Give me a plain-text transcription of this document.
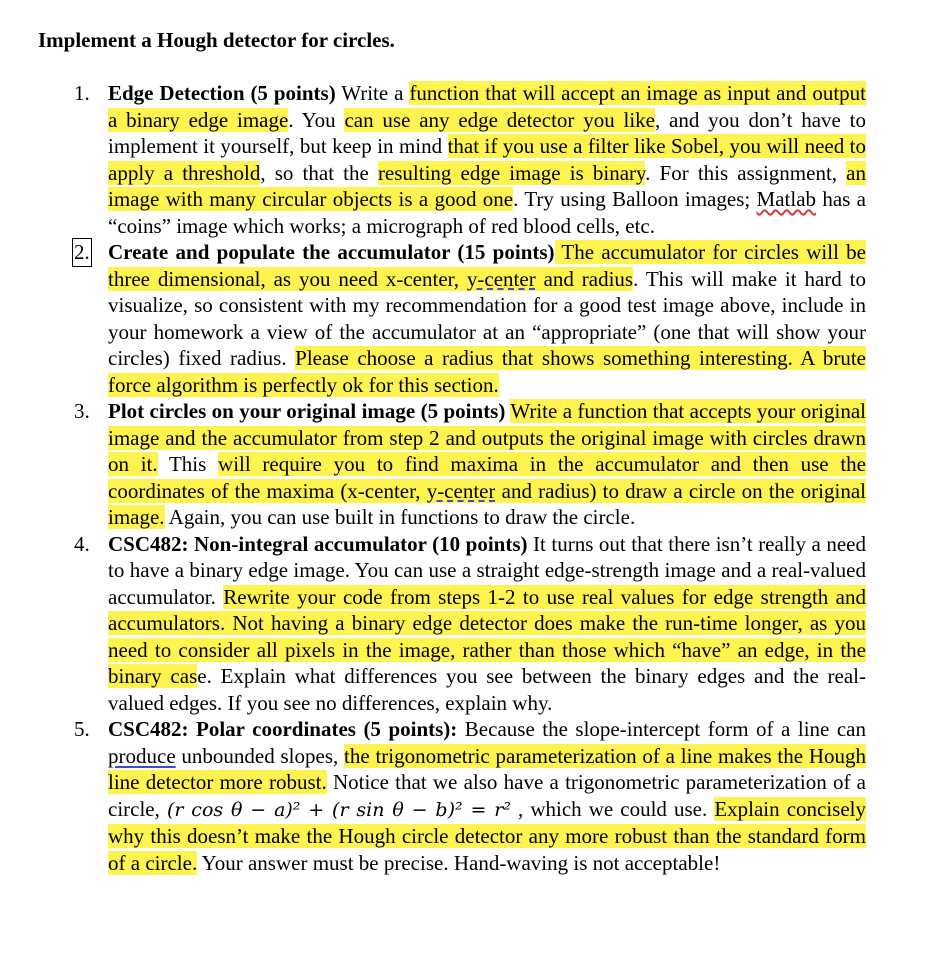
Implement a Hough detector for circles.
1. Edge Detection (5 points) Write a function that will accept an image as input and output a binary edge image. You can use any edge detector you like, and you don’t have to implement it yourself, but keep in mind that if you use a filter like Sobel, you will need to apply a threshold, so that the resulting edge image is binary. For this assignment, an image with many circular objects is a good one. Try using Balloon images; Matlab has a “coins” image which works; a micrograph of red blood cells, etc.
2. Create and populate the accumulator (15 points) The accumulator for circles will be three dimensional, as you need x-center, y-center and radius. This will make it hard to visualize, so consistent with my recommendation for a good test image above, include in your homework a view of the accumulator at an “appropriate” (one that will show your circles) fixed radius. Please choose a radius that shows something interesting. A brute force algorithm is perfectly ok for this section.
3. Plot circles on your original image (5 points) Write a function that accepts your original image and the accumulator from step 2 and outputs the original image with circles drawn on it. This will require you to find maxima in the accumulator and then use the coordinates of the maxima (x-center, y-center and radius) to draw a circle on the original image. Again, you can use built in functions to draw the circle.
4. CSC482: Non-integral accumulator (10 points) It turns out that there isn’t really a need to have a binary edge image. You can use a straight edge-strength image and a real-valued accumulator. Rewrite your code from steps 1-2 to use real values for edge strength and accumulators. Not having a binary edge detector does make the run-time longer, as you need to consider all pixels in the image, rather than those which “have” an edge, in the binary case. Explain what differences you see between the binary edges and the real-valued edges. If you see no differences, explain why.
5. CSC482: Polar coordinates (5 points): Because the slope-intercept form of a line can produce unbounded slopes, the trigonometric parameterization of a line makes the Hough line detector more robust. Notice that we also have a trigonometric parameterization of a circle, (r cos θ − a)² + (r sin θ − b)² = r² , which we could use. Explain concisely why this doesn’t make the Hough circle detector any more robust than the standard form of a circle. Your answer must be precise. Hand-waving is not acceptable!
